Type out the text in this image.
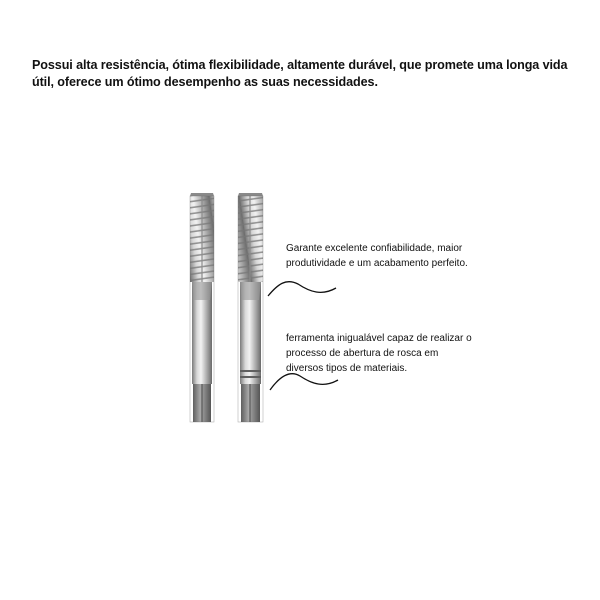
Possui alta resistência, ótima flexibilidade, altamente durável, que promete uma longa vida útil, oferece um ótimo desempenho as suas necessidades.
Garante excelente confiabilidade, maior
produtividade e um acabamento perfeito.
ferramenta inigualável capaz de realizar o
processo de abertura de rosca em
diversos tipos de materiais.
